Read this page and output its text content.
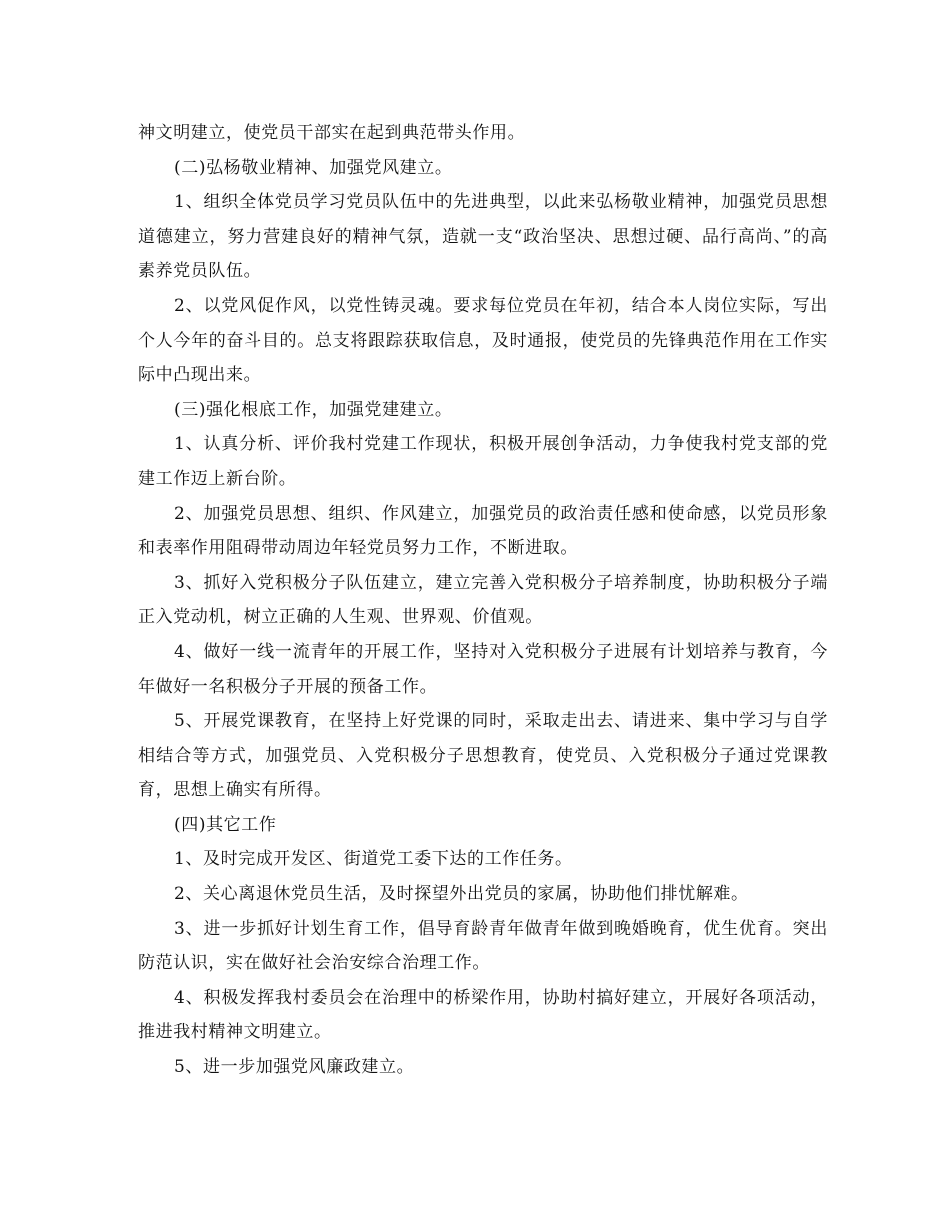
神文明建立，使党员干部实在起到典范带头作用。

(二)弘杨敬业精神、加强党风建立。

1、组织全体党员学习党员队伍中的先进典型，以此来弘杨敬业精神，加强党员思想道德建立，努力营建良好的精神气氛，造就一支“政治坚决、思想过硬、品行高尚、”的高素养党员队伍。

2、以党风促作风，以党性铸灵魂。要求每位党员在年初，结合本人岗位实际，写出个人今年的奋斗目的。总支将跟踪获取信息，及时通报，使党员的先锋典范作用在工作实际中凸现出来。

(三)强化根底工作，加强党建建立。

1、认真分析、评价我村党建工作现状，积极开展创争活动，力争使我村党支部的党建工作迈上新台阶。

2、加强党员思想、组织、作风建立，加强党员的政治责任感和使命感，以党员形象和表率作用阻碍带动周边年轻党员努力工作，不断进取。

3、抓好入党积极分子队伍建立，建立完善入党积极分子培养制度，协助积极分子端正入党动机，树立正确的人生观、世界观、价值观。

4、做好一线一流青年的开展工作，坚持对入党积极分子进展有计划培养与教育，今年做好一名积极分子开展的预备工作。

5、开展党课教育，在坚持上好党课的同时，采取走出去、请进来、集中学习与自学相结合等方式，加强党员、入党积极分子思想教育，使党员、入党积极分子通过党课教育，思想上确实有所得。

(四)其它工作

1、及时完成开发区、街道党工委下达的工作任务。

2、关心离退休党员生活，及时探望外出党员的家属，协助他们排忧解难。

3、进一步抓好计划生育工作，倡导育龄青年做青年做到晚婚晚育，优生优育。突出防范认识，实在做好社会治安综合治理工作。

4、积极发挥我村委员会在治理中的桥梁作用，协助村搞好建立，开展好各项活动，推进我村精神文明建立。

5、进一步加强党风廉政建立。
